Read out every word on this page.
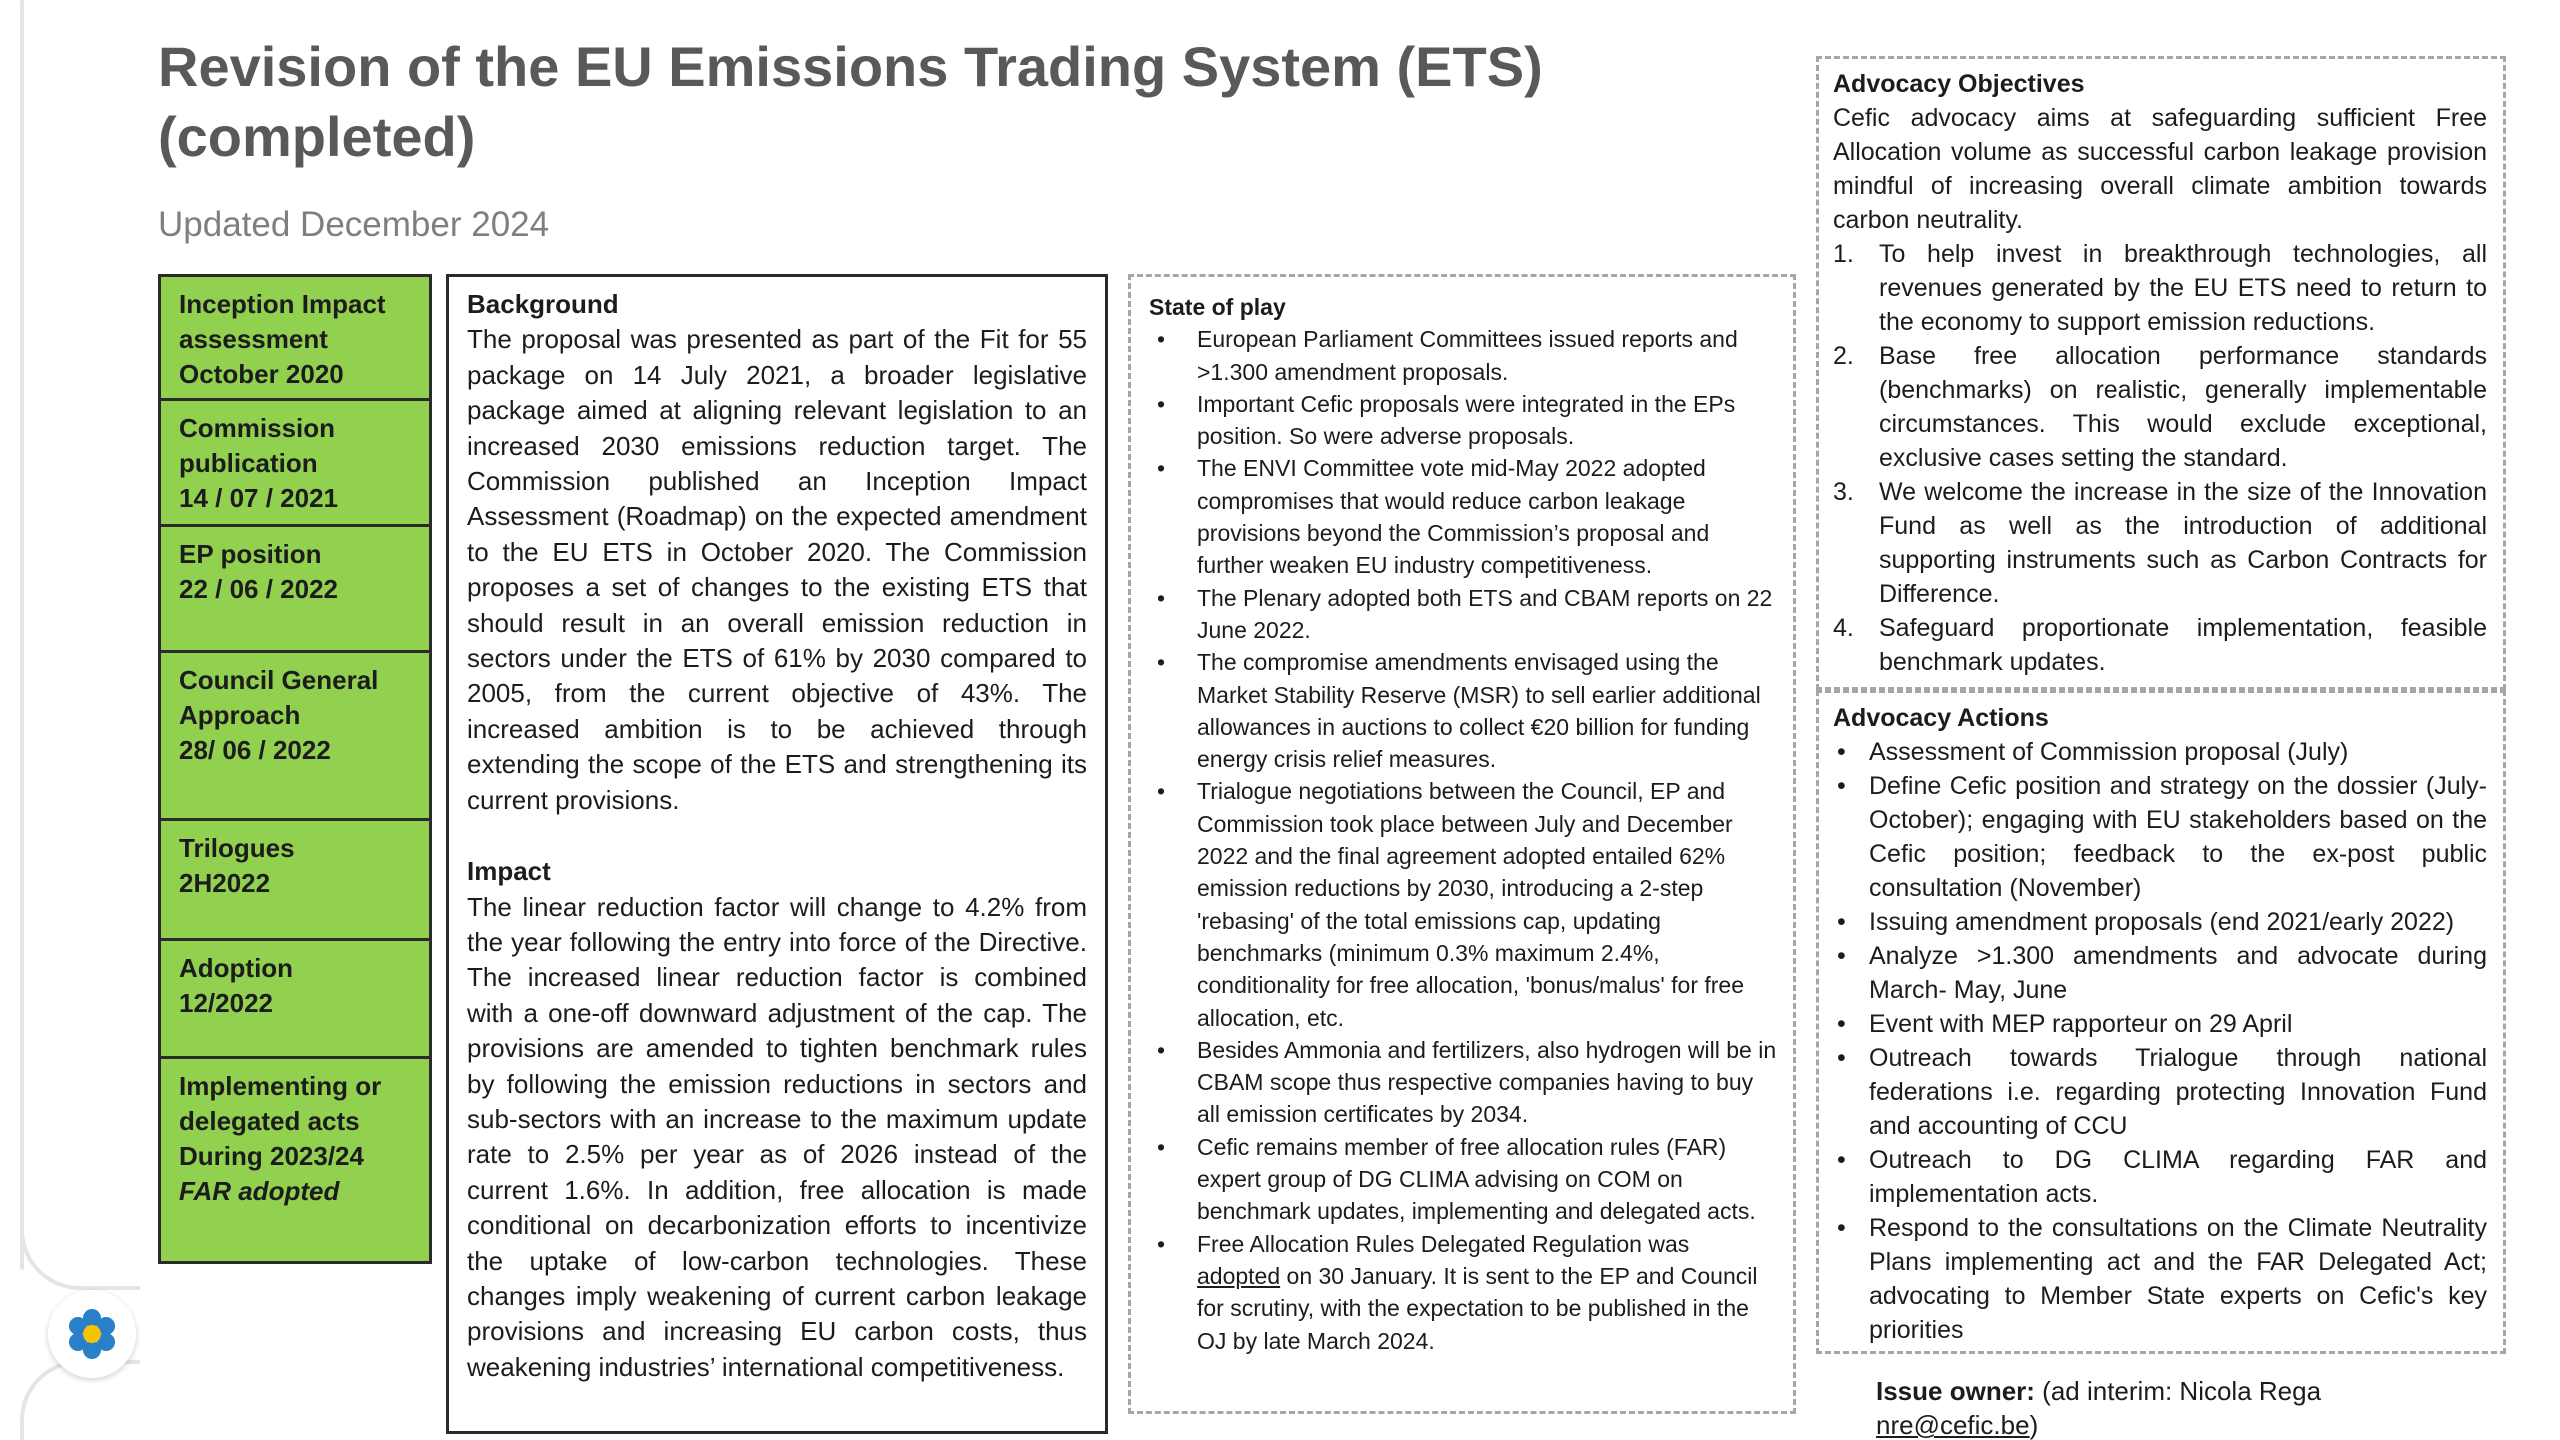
Revision of the EU Emissions Trading System (ETS) (completed)
Updated December 2024
Inception Impact
assessment
October 2020
Commission
publication
14 / 07 / 2021
EP position
22 / 06 / 2022
Council General
Approach
28/ 06 / 2022
Trilogues
2H2022
Adoption
12/2022
Implementing or
delegated acts
During 2023/24
FAR adopted
Background
The proposal was presented as part of the Fit for 55 package on 14 July 2021, a broader legislative package aimed at aligning relevant legislation to an increased 2030 emissions reduction target. The Commission published an Inception Impact Assessment (Roadmap) on the expected amendment to the EU ETS in October 2020. The Commission proposes a set of changes to the existing ETS that should result in an overall emission reduction in sectors under the ETS of 61% by 2030 compared to 2005, from the current objective of 43%. The increased ambition is to be achieved through extending the scope of the ETS and strengthening its current provisions.
Impact
The linear reduction factor will change to 4.2% from the year following the entry into force of the Directive. The increased linear reduction factor is combined with a one-off downward adjustment of the cap. The provisions are amended to tighten benchmark rules by following the emission reductions in sectors and sub-sectors with an increase to the maximum update rate to 2.5% per year as of 2026 instead of the current 1.6%. In addition, free allocation is made conditional on decarbonization efforts to incentivize the uptake of low-carbon technologies. These changes imply weakening of current carbon leakage provisions and increasing EU carbon costs, thus weakening industries’ international competitiveness.
State of play
• European Parliament Committees issued reports and >1.300 amendment proposals.
• Important Cefic proposals were integrated in the EPs position. So were adverse proposals.
• The ENVI Committee vote mid-May 2022 adopted compromises that would reduce carbon leakage provisions beyond the Commission’s proposal and further weaken EU industry competitiveness.
• The Plenary adopted both ETS and CBAM reports on 22 June 2022.
• The compromise amendments envisaged using the Market Stability Reserve (MSR) to sell earlier additional allowances in auctions to collect €20 billion for funding energy crisis relief measures.
• Trialogue negotiations between the Council, EP and Commission took place between July and December 2022 and the final agreement adopted entailed 62% emission reductions by 2030, introducing a 2-step 'rebasing' of the total emissions cap, updating benchmarks (minimum 0.3% maximum 2.4%, conditionality for free allocation, 'bonus/malus' for free allocation, etc.
• Besides Ammonia and fertilizers, also hydrogen will be in CBAM scope thus respective companies having to buy all emission certificates by 2034.
• Cefic remains member of free allocation rules (FAR) expert group of DG CLIMA advising on COM on benchmark updates, implementing and delegated acts.
• Free Allocation Rules Delegated Regulation was adopted on 30 January. It is sent to the EP and Council for scrutiny, with the expectation to be published in the OJ by late March 2024.
Advocacy Objectives
Cefic advocacy aims at safeguarding sufficient Free Allocation volume as successful carbon leakage provision mindful of increasing overall climate ambition towards carbon neutrality.
1. To help invest in breakthrough technologies, all revenues generated by the EU ETS need to return to the economy to support emission reductions.
2. Base free allocation performance standards (benchmarks) on realistic, generally implementable circumstances. This would exclude exceptional, exclusive cases setting the standard.
3. We welcome the increase in the size of the Innovation Fund as well as the introduction of additional supporting instruments such as Carbon Contracts for Difference.
4. Safeguard proportionate implementation, feasible benchmark updates.
Advocacy Actions
• Assessment of Commission proposal (July)
• Define Cefic position and strategy on the dossier (July-October); engaging with EU stakeholders based on the Cefic position; feedback to the ex-post public consultation (November)
• Issuing amendment proposals (end 2021/early 2022)
• Analyze >1.300 amendments and advocate during March- May, June
• Event with MEP rapporteur on 29 April
• Outreach towards Trialogue through national federations i.e. regarding protecting Innovation Fund and accounting of CCU
• Outreach to DG CLIMA regarding FAR and implementation acts.
• Respond to the consultations on the Climate Neutrality Plans implementing act and the FAR Delegated Act; advocating to Member State experts on Cefic's key priorities
Issue owner: (ad interim: Nicola Rega
nre@cefic.be)
